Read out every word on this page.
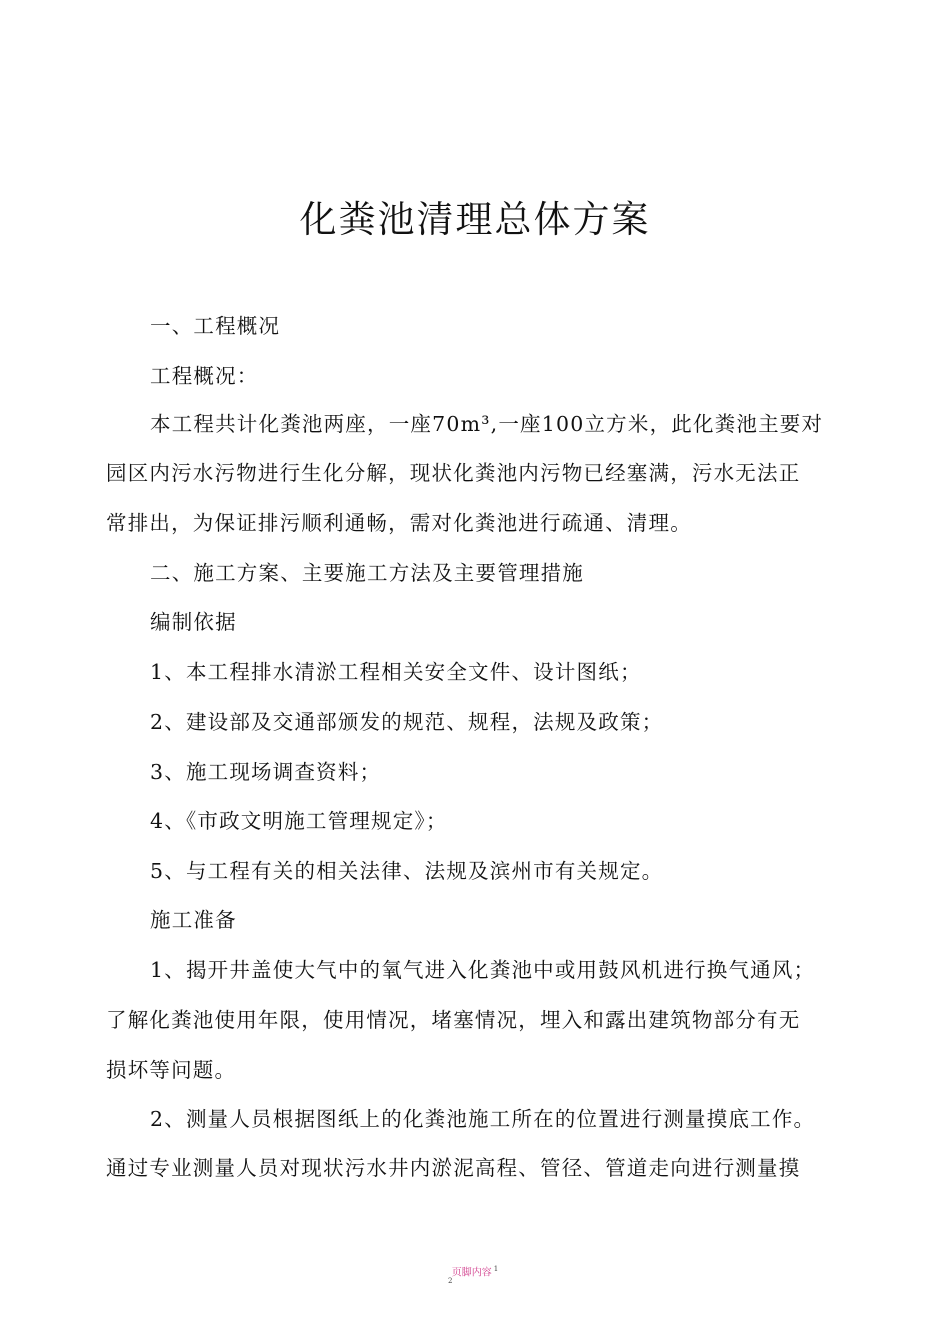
化粪池清理总体方案
一、工程概况
工程概况：
本工程共计化粪池两座，一座70m³,一座100立方米，此化粪池主要对
园区内污水污物进行生化分解，现状化粪池内污物已经塞满，污水无法正
常排出，为保证排污顺利通畅，需对化粪池进行疏通、清理。
二、施工方案、主要施工方法及主要管理措施
编制依据
1、本工程排水清淤工程相关安全文件、设计图纸；
2、建设部及交通部颁发的规范、规程，法规及政策；
3、施工现场调查资料；
4、《市政文明施工管理规定》；
5、与工程有关的相关法律、法规及滨州市有关规定。
施工准备
1、揭开井盖使大气中的氧气进入化粪池中或用鼓风机进行换气通风；
了解化粪池使用年限，使用情况，堵塞情况，埋入和露出建筑物部分有无
损坏等问题。
2、测量人员根据图纸上的化粪池施工所在的位置进行测量摸底工作。
通过专业测量人员对现状污水井内淤泥高程、管径、管道走向进行测量摸
页脚内容 $^1$
2
